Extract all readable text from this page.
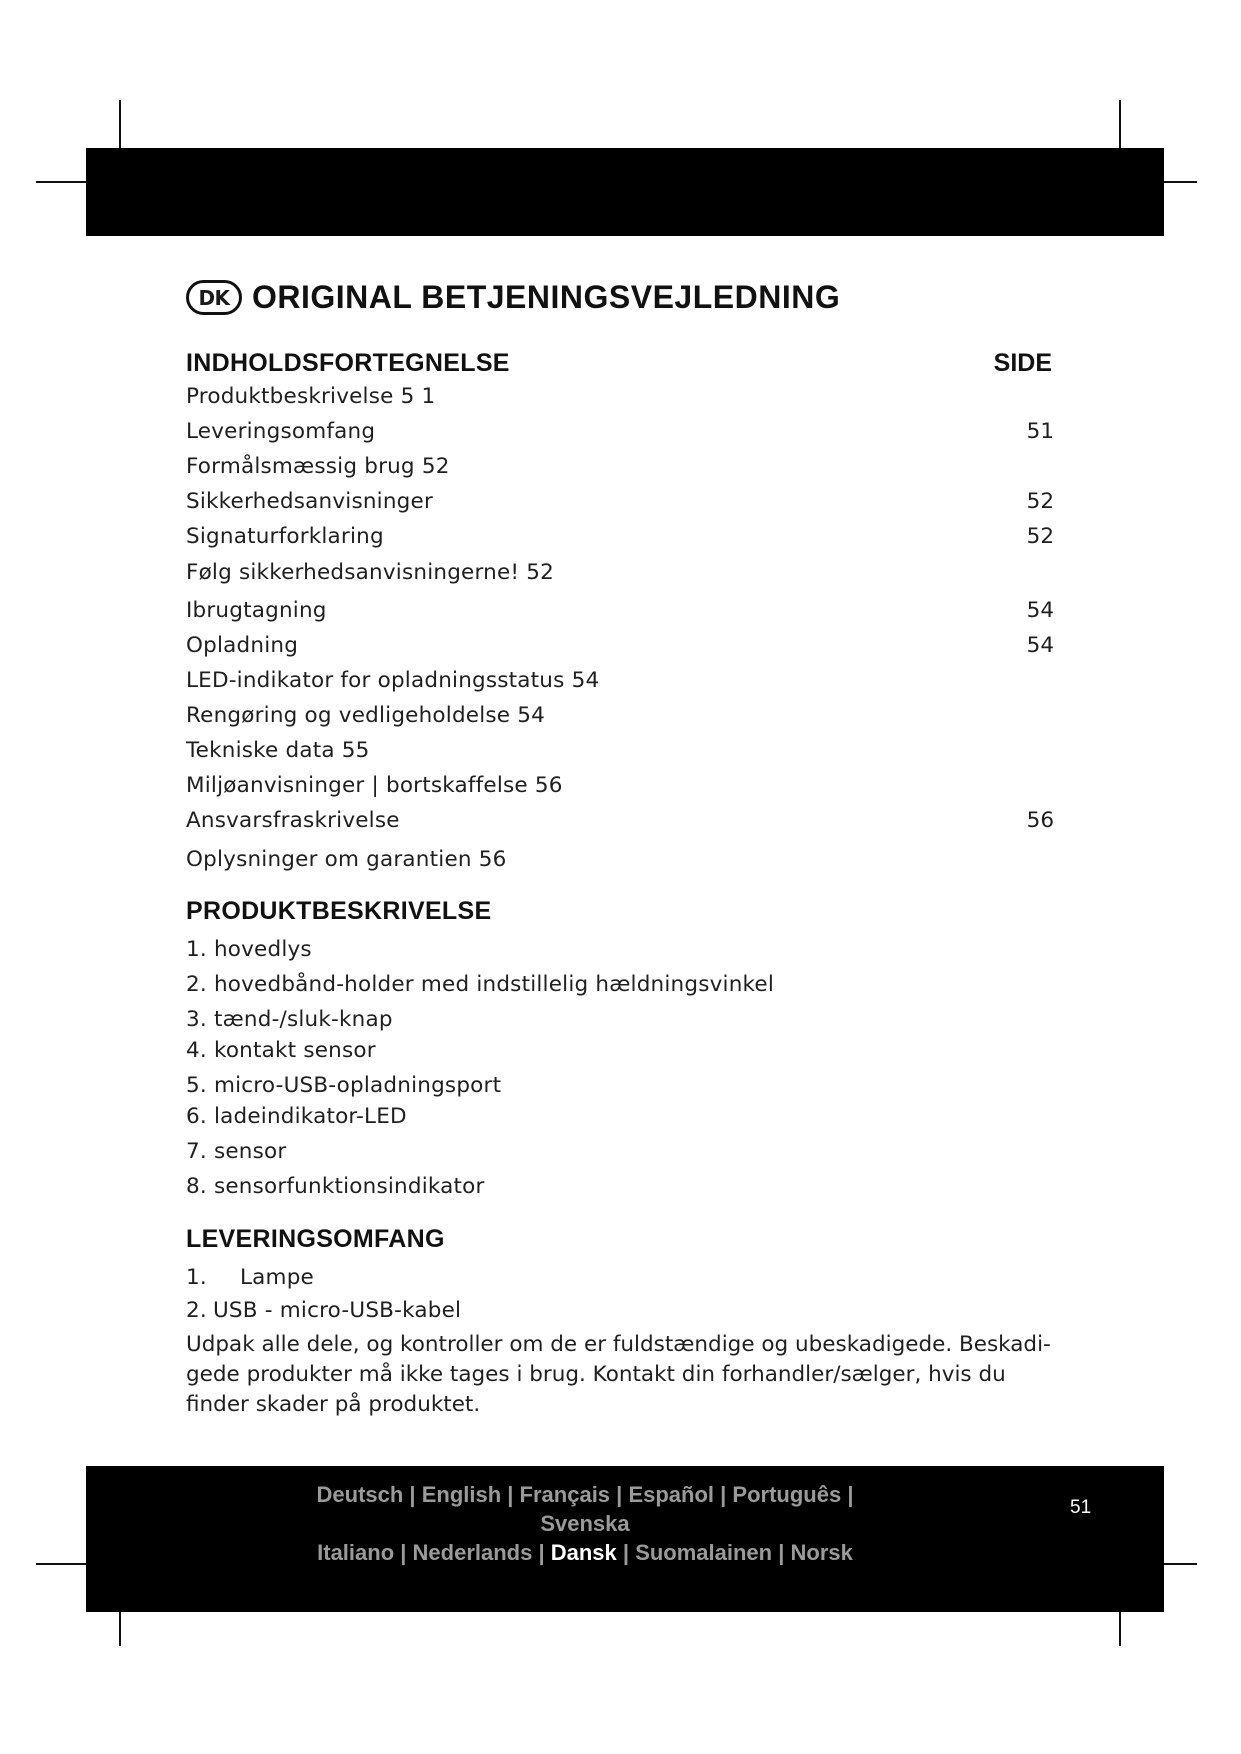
DK ORIGINAL BETJENINGSVEJLEDNING
INDHOLDSFORTEGNELSE	SIDE
Produktbeskrivelse 5 1
Leveringsomfang	51
Formålsmæssig brug 52
Sikkerhedsanvisninger	52
Signaturforklaring	52
Følg sikkerhedsanvisningerne! 52
Ibrugtagning	54
Opladning	54
LED-indikator for opladningsstatus 54
Rengøring og vedligeholdelse 54
Tekniske data 55
Miljøanvisninger | bortskaffelse 56
Ansvarsfraskrivelse	56
Oplysninger om garantien 56
PRODUKTBESKRIVELSE
1. hovedlys
2. hovedbånd-holder med indstillelig hældningsvinkel
3. tænd-/sluk-knap
4. kontakt sensor
5. micro-USB-opladningsport
6. ladeindikator-LED
7. sensor
8. sensorfunktionsindikator
LEVERINGSOMFANG
1. Lampe
2. USB - micro-USB-kabel

Udpak alle dele, og kontroller om de er fuldstændige og ubeskadigede. Beskadi-gede produkter må ikke tages i brug. Kontakt din forhandler/sælger, hvis du finder skader på produktet.

Deutsch | English | Français | Español | Português | Svenska
Italiano | Nederlands | Dansk | Suomalainen | Norsk
51
